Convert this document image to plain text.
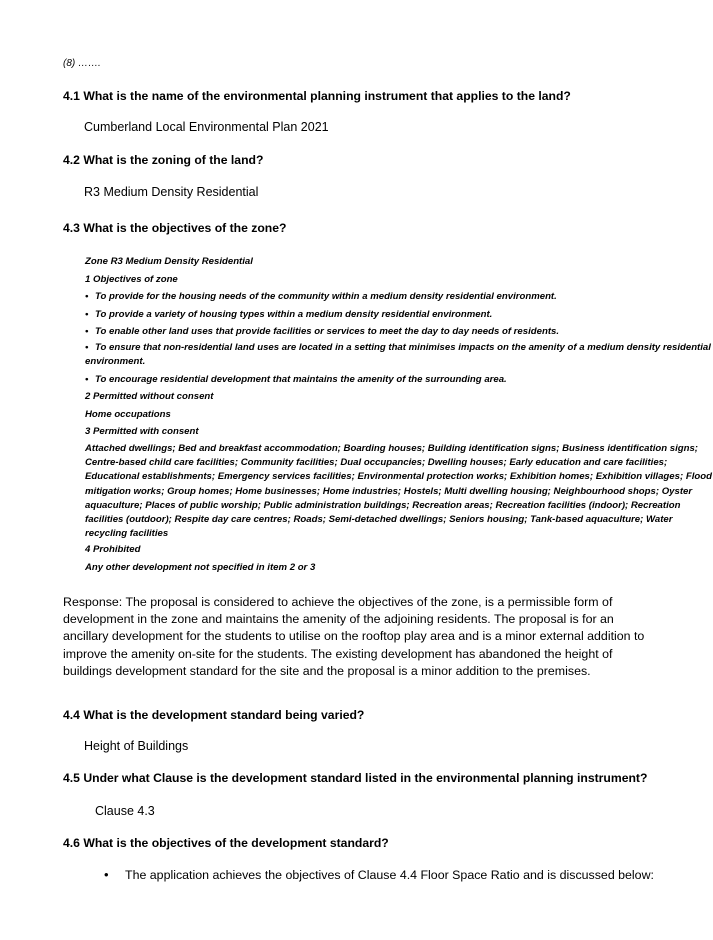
(8) …….
4.1 What is the name of the environmental planning instrument that applies to the land?
Cumberland Local Environmental Plan 2021
4.2 What is the zoning of the land?
R3 Medium Density Residential
4.3 What is the objectives of the zone?
Zone R3 Medium Density Residential
1 Objectives of zone
• To provide for the housing needs of the community within a medium density residential environment.
• To provide a variety of housing types within a medium density residential environment.
• To enable other land uses that provide facilities or services to meet the day to day needs of residents.
• To ensure that non-residential land uses are located in a setting that minimises impacts on the amenity of a medium density residential environment.
• To encourage residential development that maintains the amenity of the surrounding area.
2 Permitted without consent
Home occupations
3 Permitted with consent
Attached dwellings; Bed and breakfast accommodation; Boarding houses; Building identification signs; Business identification signs; Centre-based child care facilities; Community facilities; Dual occupancies; Dwelling houses; Early education and care facilities; Educational establishments; Emergency services facilities; Environmental protection works; Exhibition homes; Exhibition villages; Flood mitigation works; Group homes; Home businesses; Home industries; Hostels; Multi dwelling housing; Neighbourhood shops; Oyster aquaculture; Places of public worship; Public administration buildings; Recreation areas; Recreation facilities (indoor); Recreation facilities (outdoor); Respite day care centres; Roads; Semi-detached dwellings; Seniors housing; Tank-based aquaculture; Water recycling facilities
4 Prohibited
Any other development not specified in item 2 or 3
Response: The proposal is considered to achieve the objectives of the zone, is a permissible form of development in the zone and maintains the amenity of the adjoining residents. The proposal is for an ancillary development for the students to utilise on the rooftop play area and is a minor external addition to improve the amenity on-site for the students. The existing development has abandoned the height of buildings development standard for the site and the proposal is a minor addition to the premises.
4.4 What is the development standard being varied?
Height of Buildings
4.5 Under what Clause is the development standard listed in the environmental planning instrument?
Clause 4.3
4.6 What is the objectives of the development standard?
• The application achieves the objectives of Clause 4.4 Floor Space Ratio and is discussed below:
